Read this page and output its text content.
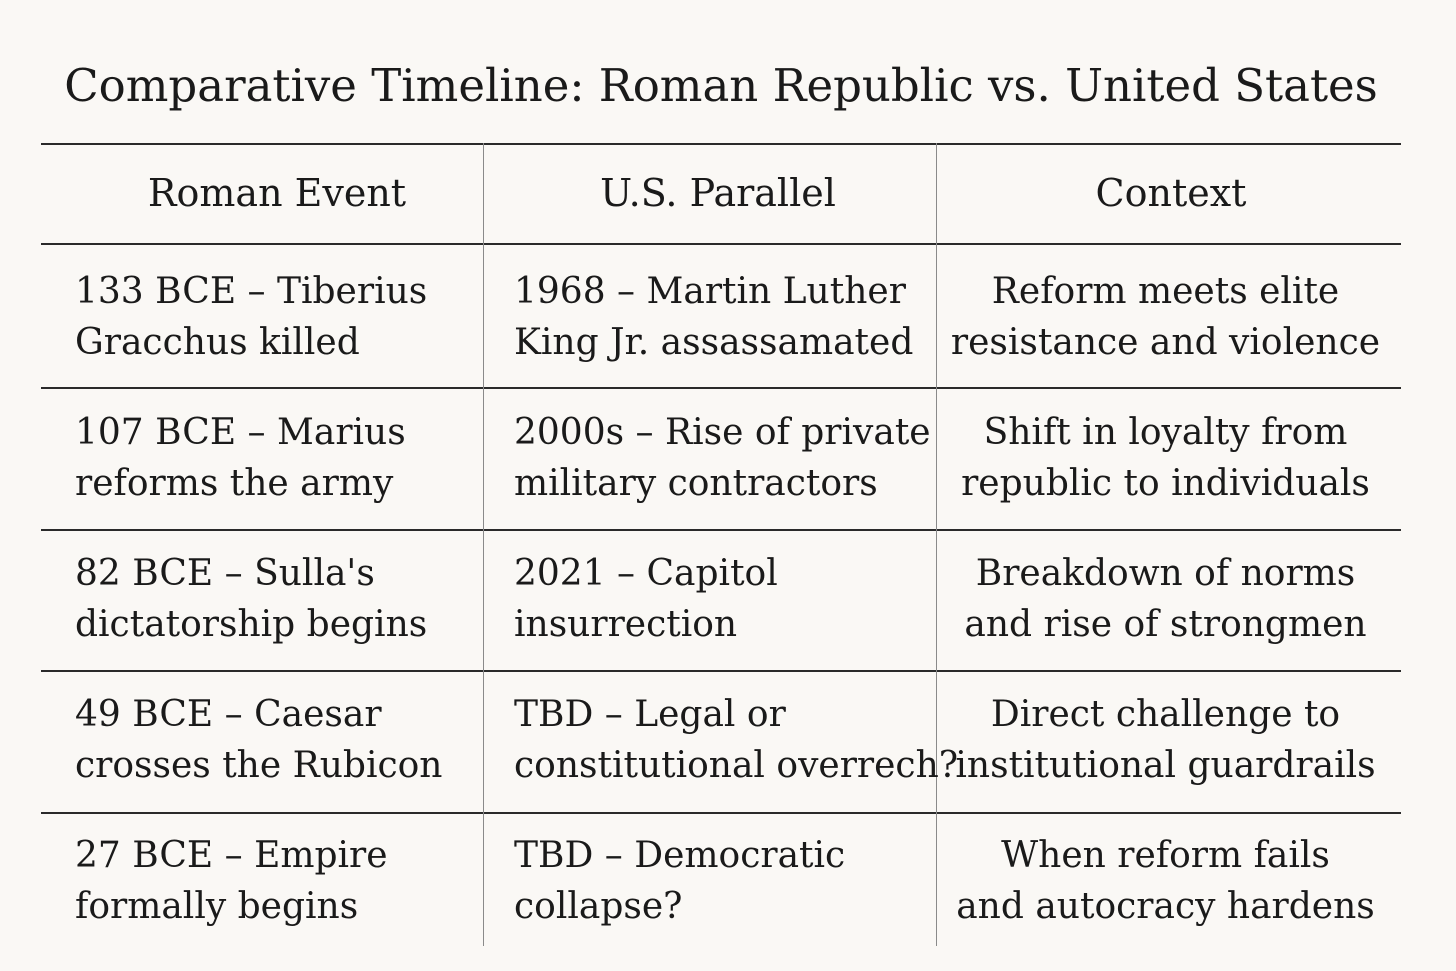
Comparative Timeline: Roman Republic vs. United States
Roman Event	U.S. Parallel	Context
133 BCE – Tiberius
Gracchus killed
1968 – Martin Luther
King Jr. assassamated
Reform meets elite
resistance and violence
107 BCE – Marius
reforms the army
2000s – Rise of private
military contractors
Shift in loyalty from
republic to individuals
82 BCE – Sulla's
dictatorship begins
2021 – Capitol
insurrection
Breakdown of norms
and rise of strongmen
49 BCE – Caesar
crosses the Rubicon
TBD – Legal or
constitutional overrech?
Direct challenge to
institutional guardrails
27 BCE – Empire
formally begins
TBD – Democratic
collapse?
When reform fails
and autocracy hardens
